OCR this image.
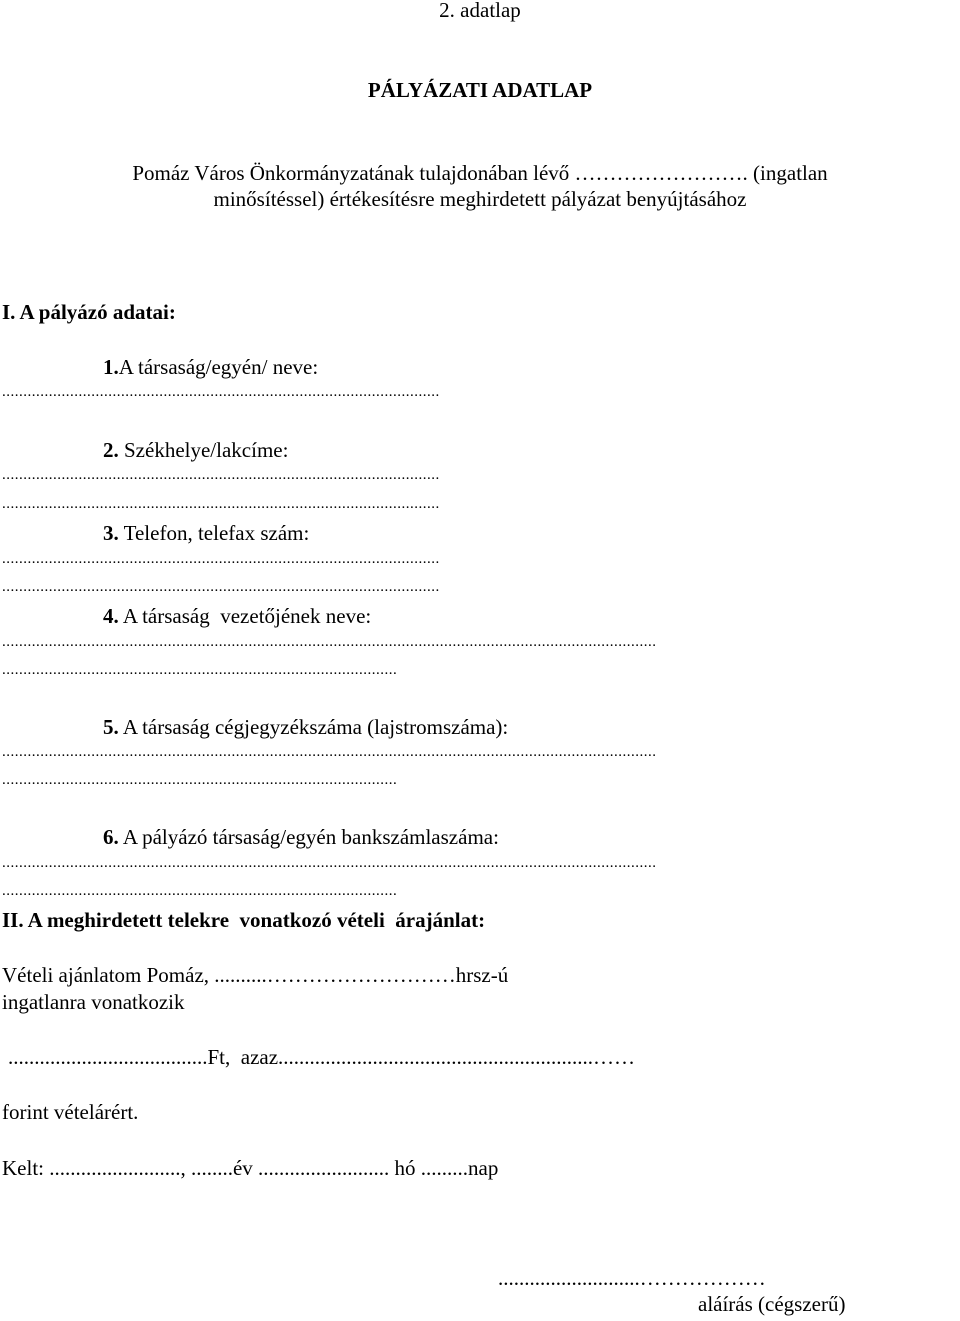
2. adatlap
PÁLYÁZATI ADATLAP
Pomáz Város Önkormányzatának tulajdonában lévő ……………………. (ingatlan
minősítéssel) értékesítésre meghirdetett pályázat benyújtásához
I. A pályázó adatai:
1.A társaság/egyén/ neve:
.......................................................................................................
2. Székhelye/lakcíme:
.......................................................................................................
.......................................................................................................
3. Telefon, telefax szám:
.......................................................................................................
.......................................................................................................
4. A társaság  vezetőjének neve:
..........................................................................................................................................................
.............................................................................................
5. A társaság cégjegyzékszáma (lajstromszáma):
..........................................................................................................................................................
.............................................................................................
6. A pályázó társaság/egyén bankszámlaszáma:
..........................................................................................................................................................
.............................................................................................
II. A meghirdetett telekre  vonatkozó vételi  árajánlat:
Vételi ajánlatom Pomáz, ..........………………………hrsz-ú
ingatlanra vonatkozik
......................................Ft,  azaz............................................................……
forint vételárért.
Kelt: ........................., ........év ......................... hó .........nap
...........................………………
aláírás (cégszerű)
